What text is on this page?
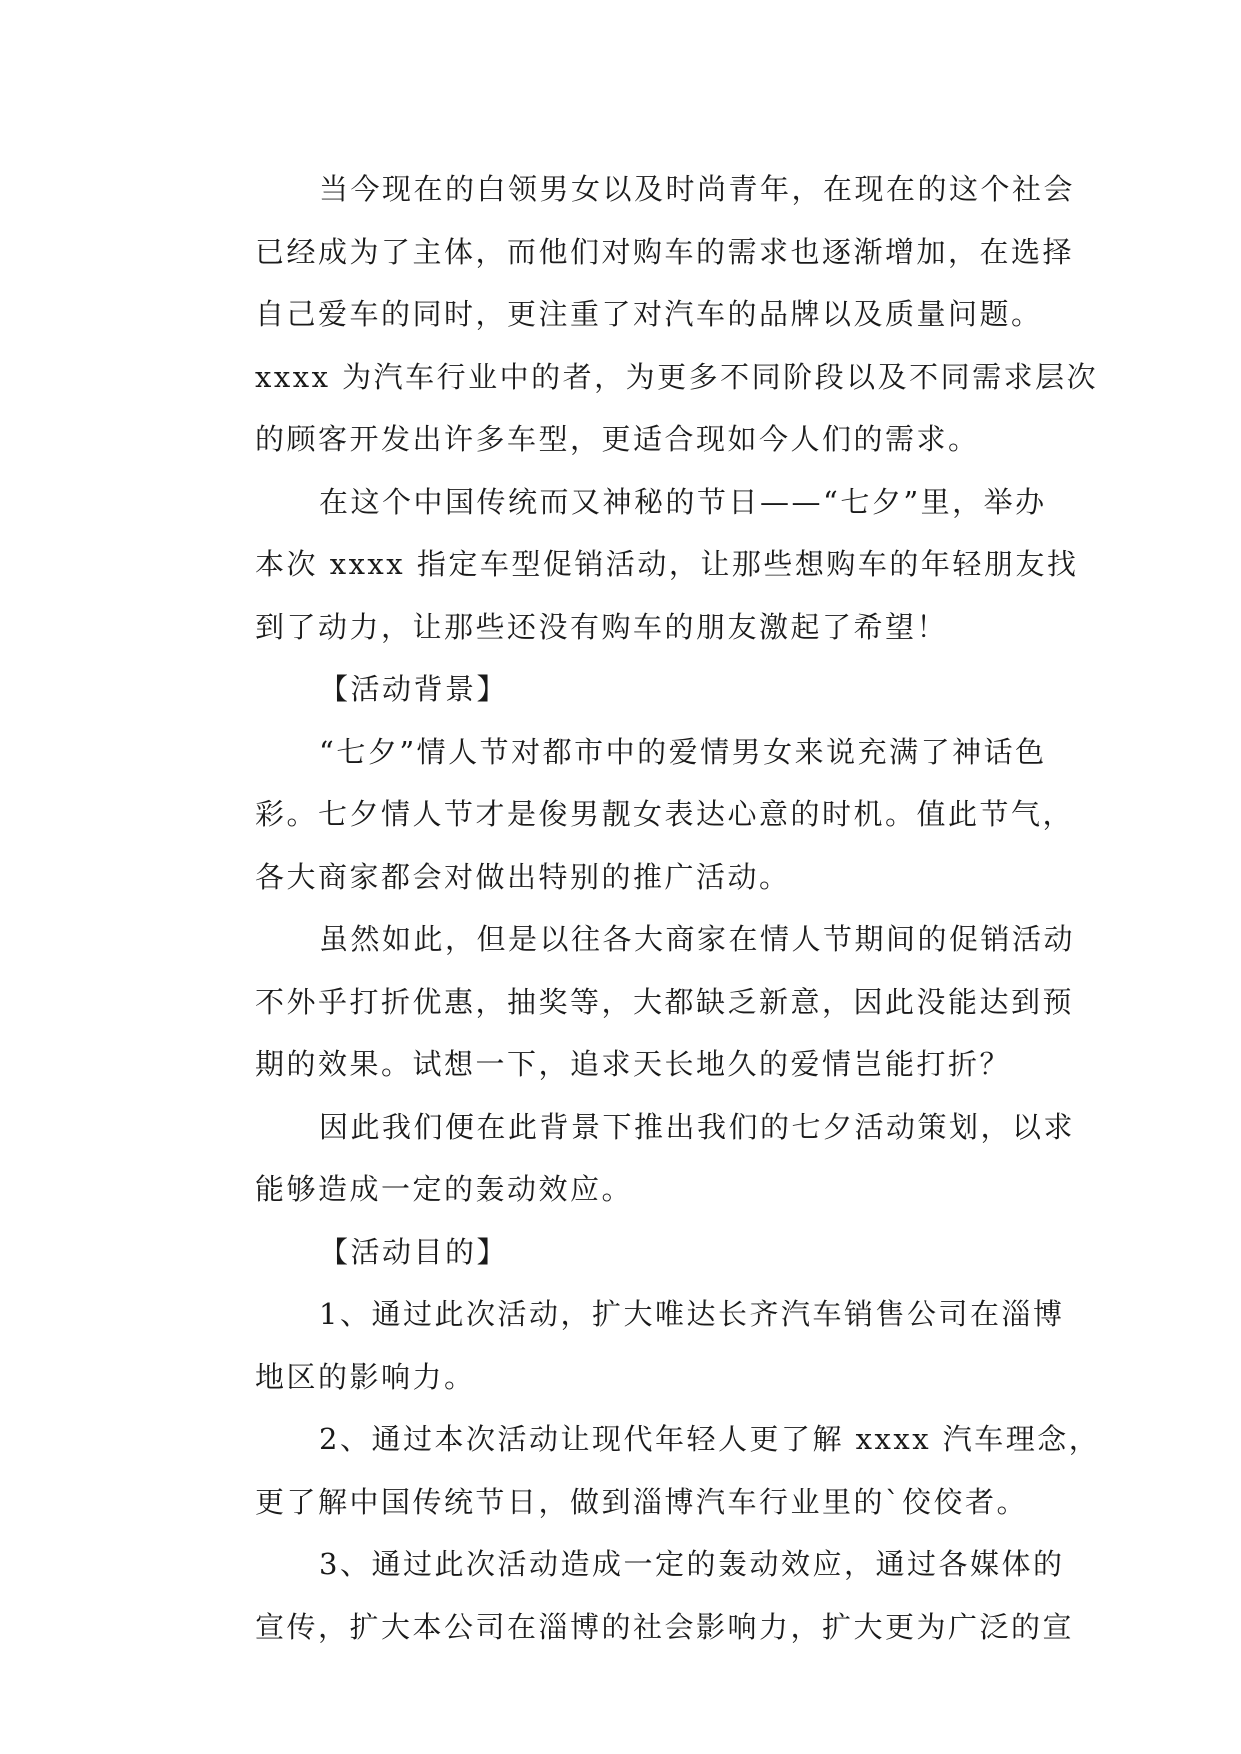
当今现在的白领男女以及时尚青年，在现在的这个社会
已经成为了主体，而他们对购车的需求也逐渐增加，在选择
自己爱车的同时，更注重了对汽车的品牌以及质量问题。
xxxx 为汽车行业中的者，为更多不同阶段以及不同需求层次
的顾客开发出许多车型，更适合现如今人们的需求。
在这个中国传统而又神秘的节日——“七夕”里，举办
本次 xxxx 指定车型促销活动，让那些想购车的年轻朋友找
到了动力，让那些还没有购车的朋友激起了希望！
【活动背景】
“七夕”情人节对都市中的爱情男女来说充满了神话色
彩。七夕情人节才是俊男靓女表达心意的时机。值此节气，
各大商家都会对做出特别的推广活动。
虽然如此，但是以往各大商家在情人节期间的促销活动
不外乎打折优惠，抽奖等，大都缺乏新意，因此没能达到预
期的效果。试想一下，追求天长地久的爱情岂能打折？
因此我们便在此背景下推出我们的七夕活动策划，以求
能够造成一定的轰动效应。
【活动目的】
1、通过此次活动，扩大唯达长齐汽车销售公司在淄博
地区的影响力。
2、通过本次活动让现代年轻人更了解 xxxx 汽车理念，
更了解中国传统节日，做到淄博汽车行业里的`佼佼者。
3、通过此次活动造成一定的轰动效应，通过各媒体的
宣传，扩大本公司在淄博的社会影响力，扩大更为广泛的宣
